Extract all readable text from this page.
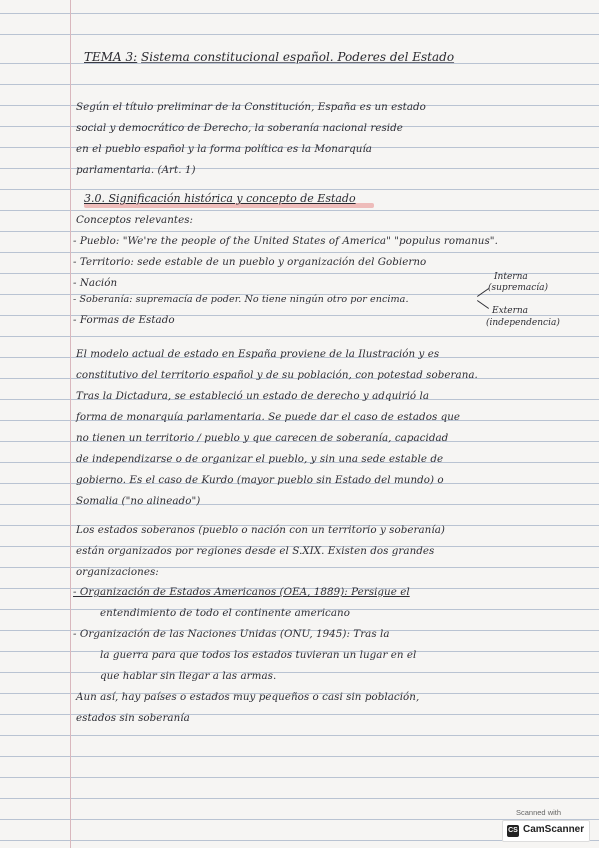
TEMA 3: Sistema constitucional español. Poderes del Estado
Según el título preliminar de la Constitución, España es un estado
social y democrático de Derecho, la soberanía nacional reside
en el pueblo español y la forma política es la Monarquía
parlamentaria. (Art. 1)
3.0. Significación histórica y concepto de Estado
Conceptos relevantes:
- Pueblo: "We're the people of the United States of America" "populus romanus".
- Territorio: sede estable de un pueblo y organización del Gobierno
- Nación
- Soberanía: supremacía de poder. No tiene ningún otro por encima.
- Formas de Estado
Interna
(supremacía)
Externa
(independencia)
El modelo actual de estado en España proviene de la Ilustración y es
constitutivo del territorio español y de su población, con potestad soberana.
Tras la Dictadura, se estableció un estado de derecho y adquirió la
forma de monarquía parlamentaria. Se puede dar el caso de estados que
no tienen un territorio / pueblo y que carecen de soberanía, capacidad
de independizarse o de organizar el pueblo, y sin una sede estable de
gobierno. Es el caso de Kurdo (mayor pueblo sin Estado del mundo) o
Somalia ("no alineado")
Los estados soberanos (pueblo o nación con un territorio y soberanía)
están organizados por regiones desde el S.XIX. Existen dos grandes
organizaciones:
- Organización de Estados Americanos (OEA, 1889): Persigue el
entendimiento de todo el continente americano
- Organización de las Naciones Unidas (ONU, 1945): Tras la
la guerra para que todos los estados tuvieran un lugar en el
que hablar sin llegar a las armas.
Aun así, hay países o estados muy pequeños o casi sin población,
estados sin soberanía
Scanned with
CS CamScanner
